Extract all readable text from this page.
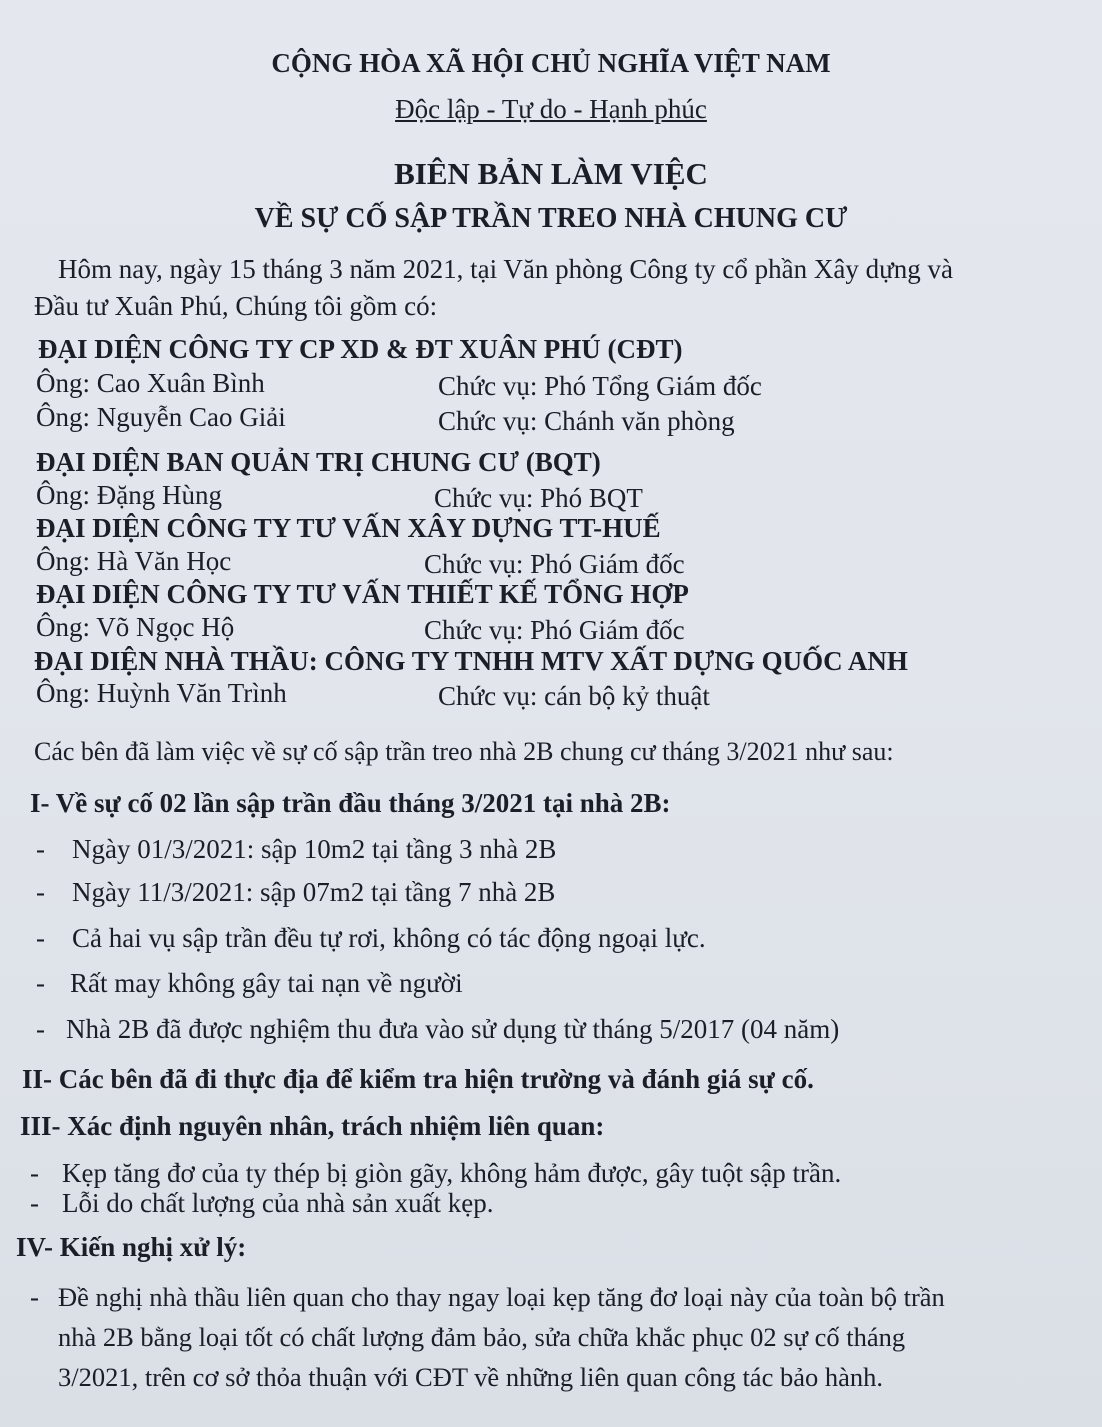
CỘNG HÒA XÃ HỘI CHỦ NGHĨA VIỆT NAM
Độc lập - Tự do - Hạnh phúc
BIÊN BẢN LÀM VIỆC
VỀ SỰ CỐ SẬP TRẦN TREO NHÀ CHUNG CƯ
Hôm nay, ngày 15 tháng 3 năm 2021, tại Văn phòng Công ty cổ phần Xây dựng và
Đầu tư Xuân Phú, Chúng tôi gồm có:
ĐẠI DIỆN CÔNG TY CP XD & ĐT XUÂN PHÚ (CĐT)
Ông: Cao Xuân Bình	Chức vụ: Phó Tổng Giám đốc
Ông: Nguyễn Cao Giải	Chức vụ: Chánh văn phòng
ĐẠI DIỆN BAN QUẢN TRỊ CHUNG CƯ (BQT)
Ông: Đặng Hùng	Chức vụ: Phó BQT
ĐẠI DIỆN CÔNG TY TƯ VẤN XÂY DỰNG TT-HUẾ
Ông: Hà Văn Học	Chức vụ: Phó Giám đốc
ĐẠI DIỆN CÔNG TY TƯ VẤN THIẾT KẾ TỔNG HỢP
Ông: Võ Ngọc Hộ	Chức vụ: Phó Giám đốc
ĐẠI DIỆN NHÀ THẦU: CÔNG TY TNHH MTV XẤT DỰNG QUỐC ANH
Ông: Huỳnh Văn Trình	Chức vụ: cán bộ kỷ thuật
Các bên đã làm việc về sự cố sập trần treo nhà 2B chung cư tháng 3/2021 như sau:
I- Về sự cố 02 lần sập trần đầu tháng 3/2021 tại nhà 2B:
- Ngày 01/3/2021: sập 10m2 tại tầng 3 nhà 2B
- Ngày 11/3/2021: sập 07m2 tại tầng 7 nhà 2B
- Cả hai vụ sập trần đều tự rơi, không có tác động ngoại lực.
- Rất may không gây tai nạn về người
- Nhà 2B đã được nghiệm thu đưa vào sử dụng từ tháng 5/2017 (04 năm)
II- Các bên đã đi thực địa để kiểm tra hiện trường và đánh giá sự cố.
III- Xác định nguyên nhân, trách nhiệm liên quan:
- Kẹp tăng đơ của ty thép bị giòn gãy, không hảm được, gây tuột sập trần.
- Lỗi do chất lượng của nhà sản xuất kẹp.
IV- Kiến nghị xử lý:
- Đề nghị nhà thầu liên quan cho thay ngay loại kẹp tăng đơ loại này của toàn bộ trần
nhà 2B bằng loại tốt có chất lượng đảm bảo, sửa chữa khắc phục 02 sự cố tháng
3/2021, trên cơ sở thỏa thuận với CĐT về những liên quan công tác bảo hành.
